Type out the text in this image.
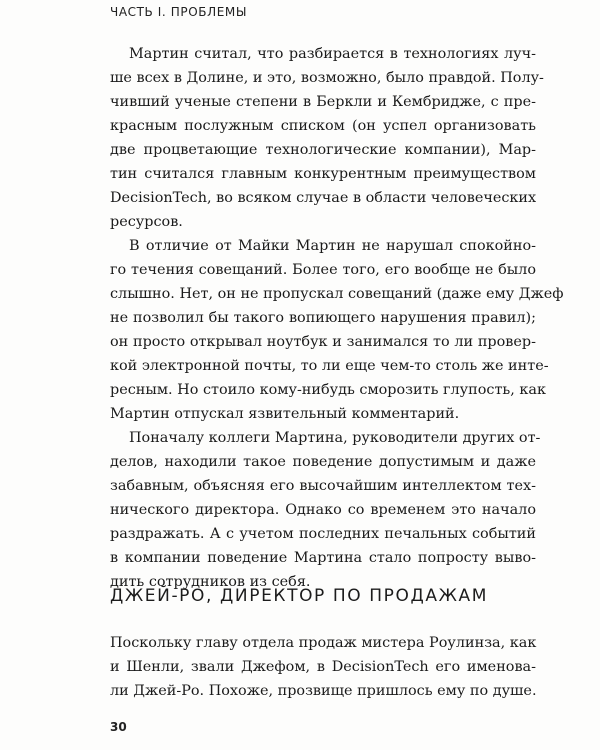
ЧАСТЬ I. ПРОБЛЕМЫ
Мартин считал, что разбирается в технологиях луч-
ше всех в Долине, и это, возможно, было правдой. Полу-
чивший ученые степени в Беркли и Кембридже, с пре-
красным послужным списком (он успел организовать
две процветающие технологические компании), Мар-
тин считался главным конкурентным преимуществом
DecisionTech, во всяком случае в области человеческих
ресурсов.
В отличие от Майки Мартин не нарушал спокойно-
го течения совещаний. Более того, его вообще не было
слышно. Нет, он не пропускал совещаний (даже ему Джеф
не позволил бы такого вопиющего нарушения правил);
он просто открывал ноутбук и занимался то ли провер-
кой электронной почты, то ли еще чем-то столь же инте-
ресным. Но стоило кому-нибудь сморозить глупость, как
Мартин отпускал язвительный комментарий.
Поначалу коллеги Мартина, руководители других от-
делов, находили такое поведение допустимым и даже
забавным, объясняя его высочайшим интеллектом тех-
нического директора. Однако со временем это начало
раздражать. А с учетом последних печальных событий
в компании поведение Мартина стало попросту выво-
дить сотрудников из себя.
ДЖЕЙ-РО, ДИРЕКТОР ПО ПРОДАЖАМ
Поскольку главу отдела продаж мистера Роулинза, как
и Шенли, звали Джефом, в DecisionTech его именова-
ли Джей-Ро. Похоже, прозвище пришлось ему по душе.
30
